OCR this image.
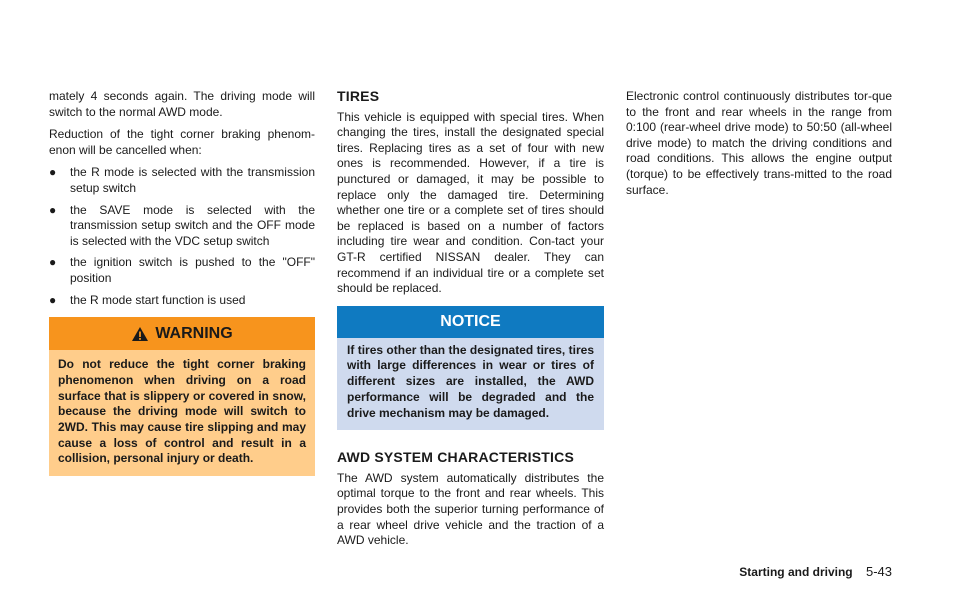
mately 4 seconds again. The driving mode will switch to the normal AWD mode.

Reduction of the tight corner braking phenom-enon will be cancelled when:

● the R mode is selected with the transmission setup switch
● the SAVE mode is selected with the transmission setup switch and the OFF mode is selected with the VDC setup switch
● the ignition switch is pushed to the "OFF" position
● the R mode start function is used
WARNING
Do not reduce the tight corner braking phenomenon when driving on a road surface that is slippery or covered in snow, because the driving mode will switch to 2WD. This may cause tire slipping and may cause a loss of control and result in a collision, personal injury or death.
TIRES

This vehicle is equipped with special tires. When changing the tires, install the designated special tires. Replacing tires as a set of four with new ones is recommended. However, if a tire is punctured or damaged, it may be possible to replace only the damaged tire. Determining whether one tire or a complete set of tires should be replaced is based on a number of factors including tire wear and condition. Con-tact your GT-R certified NISSAN dealer. They can recommend if an individual tire or a complete set should be replaced.

NOTICE
If tires other than the designated tires, tires with large differences in wear or tires of different sizes are installed, the AWD performance will be degraded and the drive mechanism may be damaged.
AWD SYSTEM CHARACTERISTICS

The AWD system automatically distributes the optimal torque to the front and rear wheels. This provides both the superior turning performance of a rear wheel drive vehicle and the traction of a AWD vehicle.

Electronic control continuously distributes tor-que to the front and rear wheels in the range from 0:100 (rear-wheel drive mode) to 50:50 (all-wheel drive mode) to match the driving conditions and road conditions. This allows the engine output (torque) to be effectively trans-mitted to the road surface.

Starting and driving 5-43
